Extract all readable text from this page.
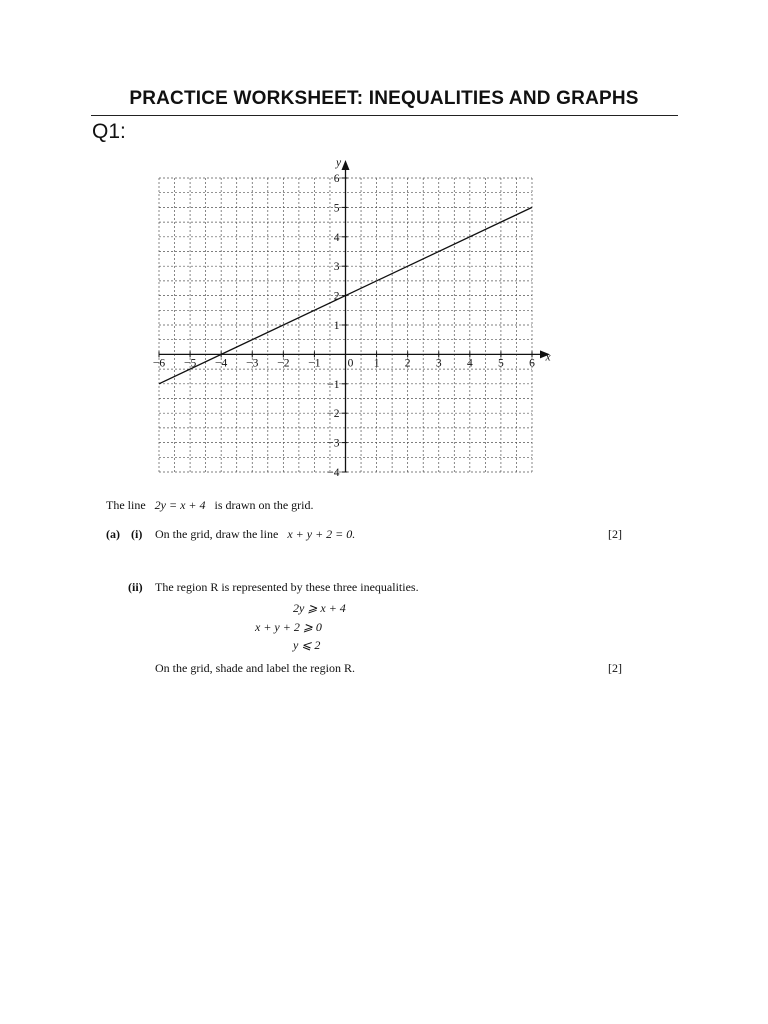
PRACTICE WORKSHEET: INEQUALITIES AND GRAPHS
Q1:
−6 −5 −4 −3 −2 −1	1 2 3 4 5 6
6
5
4
3
2
1
−1
−2
−3
−4
0	x
y
The line 2y = x + 4 is drawn on the grid.
(a) (i) On the grid, draw the line x + y + 2 = 0.	[2]
(ii) The region R is represented by these three inequalities.
2y ⩾ x + 4
x + y + 2 ⩾ 0
y ⩽ 2
On the grid, shade and label the region R.	[2]
